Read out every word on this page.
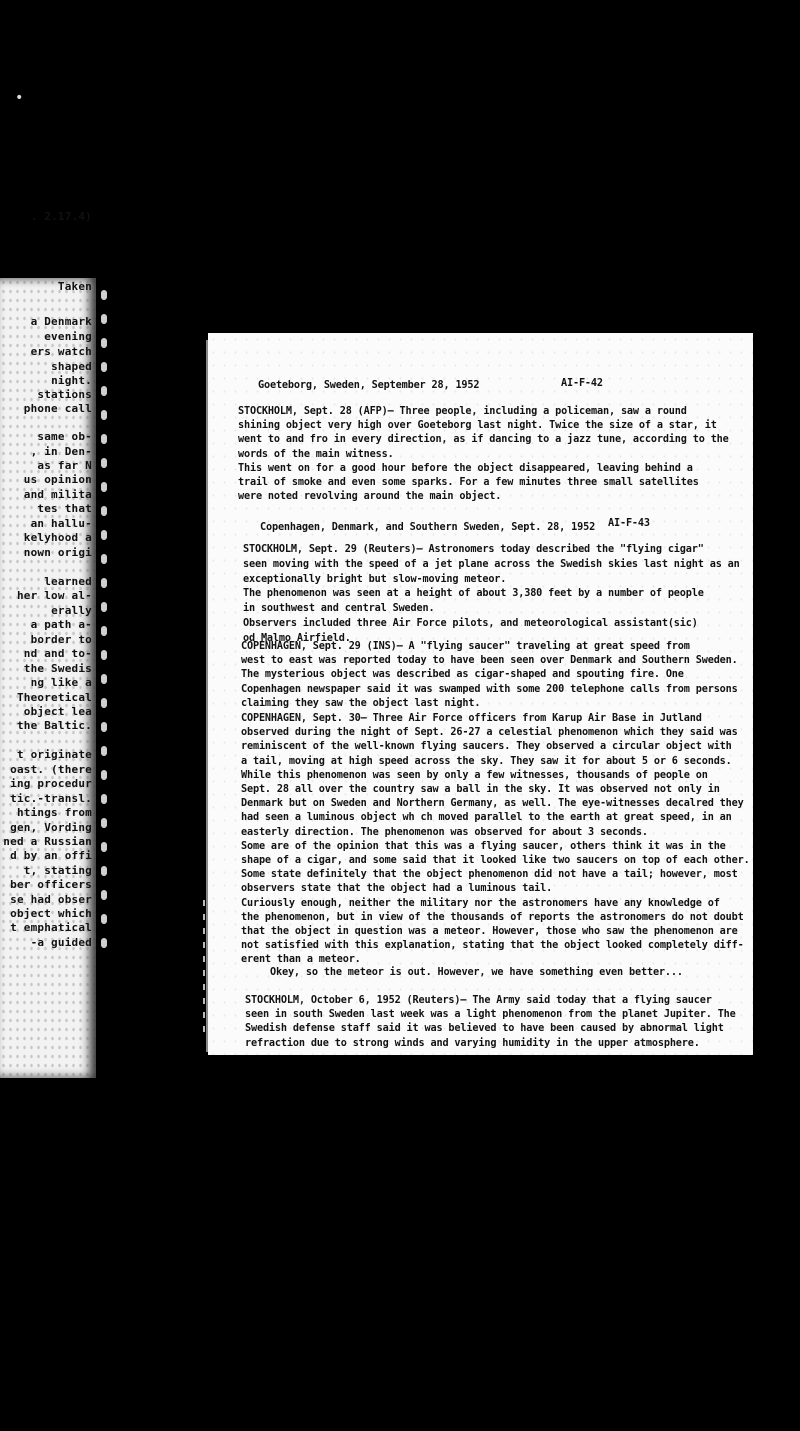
•
. 2.17.4)
Taken
a Denmark
evening
ers watch
shaped
night.
stations
phone call
same ob-
, in Den-
as far N
us opinion
and milita
tes that
an hallu-
kelyhood a
nown origi
learned
her low al-
erally
a path a-
border to
nd and to-
the Swedis
ng like a
Theoretical
object lea
the Baltic.
t originate
oast. (there
ing procedur
tic.-transl.
htings from
gen, Vording
ned a Russian
d by an offi
t, stating
ber officers
se had obser
object which
t emphatical
-a guided
Goeteborg, Sweden, September 28, 1952	AI-F-42
Copenhagen, Denmark, and Southern Sweden, Sept. 28, 1952 AI-F-43
Okey, so the meteor is out. However, we have something even better...
STOCKHOLM, Sept. 28 (AFP)— Three people, including a policeman, saw a round
shining object very high over Goeteborg last night. Twice the size of a star, it
went to and fro in every direction, as if dancing to a jazz tune, according to the
words of the main witness.
This went on for a good hour before the object disappeared, leaving behind a
trail of smoke and even some sparks. For a few minutes three small satellites
were noted revolving around the main object.
STOCKHOLM, Sept. 29 (Reuters)— Astronomers today described the "flying cigar"
seen moving with the speed of a jet plane across the Swedish skies last night as an
exceptionally bright but slow-moving meteor.
The phenomenon was seen at a height of about 3,380 feet by a number of people
in southwest and central Sweden.
Observers included three Air Force pilots, and meteorological assistant(sic)
od Malmo Airfield.
COPENHAGEN, Sept. 29 (INS)— A "flying saucer" traveling at great speed from
west to east was reported today to have been seen over Denmark and Southern Sweden.
The mysterious object was described as cigar-shaped and spouting fire. One
Copenhagen newspaper said it was swamped with some 200 telephone calls from persons
claiming they saw the object last night.
COPENHAGEN, Sept. 30— Three Air Force officers from Karup Air Base in Jutland
observed during the night of Sept. 26-27 a celestial phenomenon which they said was
reminiscent of the well-known flying saucers. They observed a circular object with
a tail, moving at high speed across the sky. They saw it for about 5 or 6 seconds.
While this phenomenon was seen by only a few witnesses, thousands of people on
Sept. 28 all over the country saw a ball in the sky. It was observed not only in
Denmark but on Sweden and Northern Germany, as well. The eye-witnesses decalred they
had seen a luminous object wh ch moved parallel to the earth at great speed, in an
easterly direction. The phenomenon was observed for about 3 seconds.
Some are of the opinion that this was a flying saucer, others think it was in the
shape of a cigar, and some said that it looked like two saucers on top of each other.
Some state definitely that the object phenomenon did not have a tail; however, most
observers state that the object had a luminous tail.
Curiously enough, neither the military nor the astronomers have any knowledge of
the phenomenon, but in view of the thousands of reports the astronomers do not doubt
that the object in question was a meteor. However, those who saw the phenomenon are
not satisfied with this explanation, stating that the object looked completely diff-
erent than a meteor.
STOCKHOLM, October 6, 1952 (Reuters)— The Army said today that a flying saucer
seen in south Sweden last week was a light phenomenon from the planet Jupiter. The
Swedish defense staff said it was believed to have been caused by abnormal light
refraction due to strong winds and varying humidity in the upper atmosphere.
